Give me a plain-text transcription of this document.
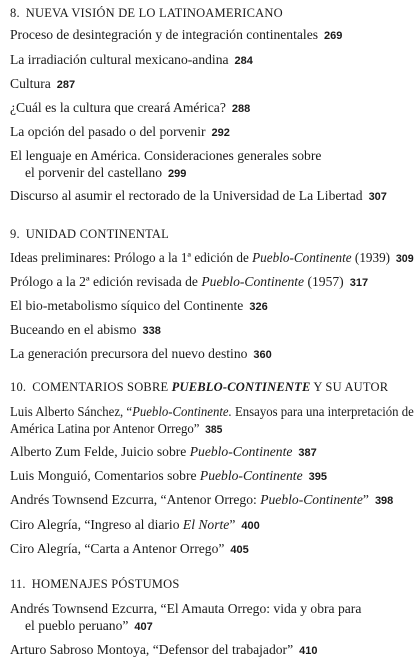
8. NUEVA VISIÓN DE LO LATINOAMERICANO
Proceso de desintegración y de integración continentales 269
La irradiación cultural mexicano-andina 284
Cultura 287
¿Cuál es la cultura que creará América? 288
La opción del pasado o del porvenir 292
El lenguaje en América. Consideraciones generales sobre
el porvenir del castellano 299
Discurso al asumir el rectorado de la Universidad de La Libertad 307
9. UNIDAD CONTINENTAL
Ideas preliminares: Prólogo a la 1ª edición de Pueblo-Continente (1939) 309
Prólogo a la 2ª edición revisada de Pueblo-Continente (1957) 317
El bio-metabolismo síquico del Continente 326
Buceando en el abismo 338
La generación precursora del nuevo destino 360
10. COMENTARIOS SOBRE PUEBLO-CONTINENTE Y SU AUTOR
Luis Alberto Sánchez, “Pueblo-Continente. Ensayos para una interpretación de
América Latina por Antenor Orrego” 385
Alberto Zum Felde, Juicio sobre Pueblo-Continente 387
Luis Monguió, Comentarios sobre Pueblo-Continente 395
Andrés Townsend Ezcurra, “Antenor Orrego: Pueblo-Continente” 398
Ciro Alegría, “Ingreso al diario El Norte” 400
Ciro Alegría, “Carta a Antenor Orrego” 405
11. HOMENAJES PÓSTUMOS
Andrés Townsend Ezcurra, “El Amauta Orrego: vida y obra para
el pueblo peruano” 407
Arturo Sabroso Montoya, “Defensor del trabajador” 410
